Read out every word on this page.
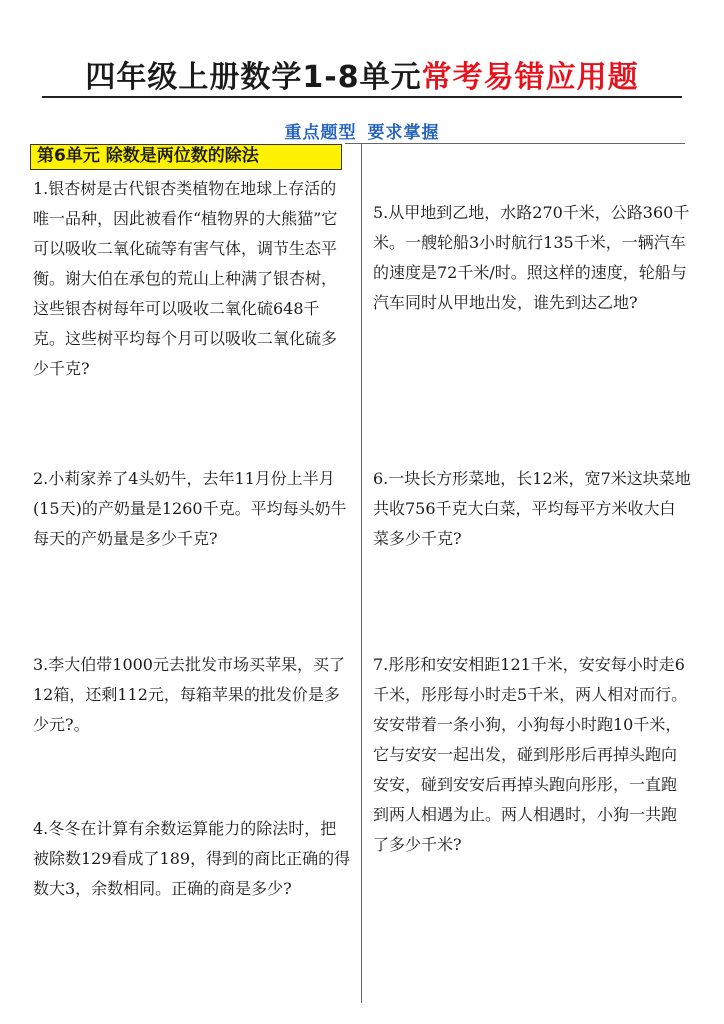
四年级上册数学1-8单元常考易错应用题
重点题型 要求掌握
第6单元 除数是两位数的除法

1.银杏树是古代银杏类植物在地球上存活的唯一品种，因此被看作“植物界的大熊猫”它可以吸收二氧化硫等有害气体，调节生态平衡。谢大伯在承包的荒山上种满了银杏树，这些银杏树每年可以吸收二氧化硫648千克。这些树平均每个月可以吸收二氧化硫多少千克?

2.小莉家养了4头奶牛，去年11月份上半月(15天)的产奶量是1260千克。平均每头奶牛每天的产奶量是多少千克?

3.李大伯带1000元去批发市场买苹果，买了12箱，还剩112元，每箱苹果的批发价是多少元?。

4.冬冬在计算有余数运算能力的除法时，把被除数129看成了189，得到的商比正确的得数大3，余数相同。正确的商是多少?

5.从甲地到乙地，水路270千米，公路360千米。一艘轮船3小时航行135千米，一辆汽车的速度是72千米/时。照这样的速度，轮船与汽车同时从甲地出发，谁先到达乙地?

6.一块长方形菜地，长12米，宽7米这块菜地共收756千克大白菜，平均每平方米收大白菜多少千克?

7.彤彤和安安相距121千米，安安每小时走6千米，彤彤每小时走5千米，两人相对而行。安安带着一条小狗，小狗每小时跑10千米，它与安安一起出发，碰到彤彤后再掉头跑向安安，碰到安安后再掉头跑向彤彤，一直跑到两人相遇为止。两人相遇时，小狗一共跑了多少千米?
